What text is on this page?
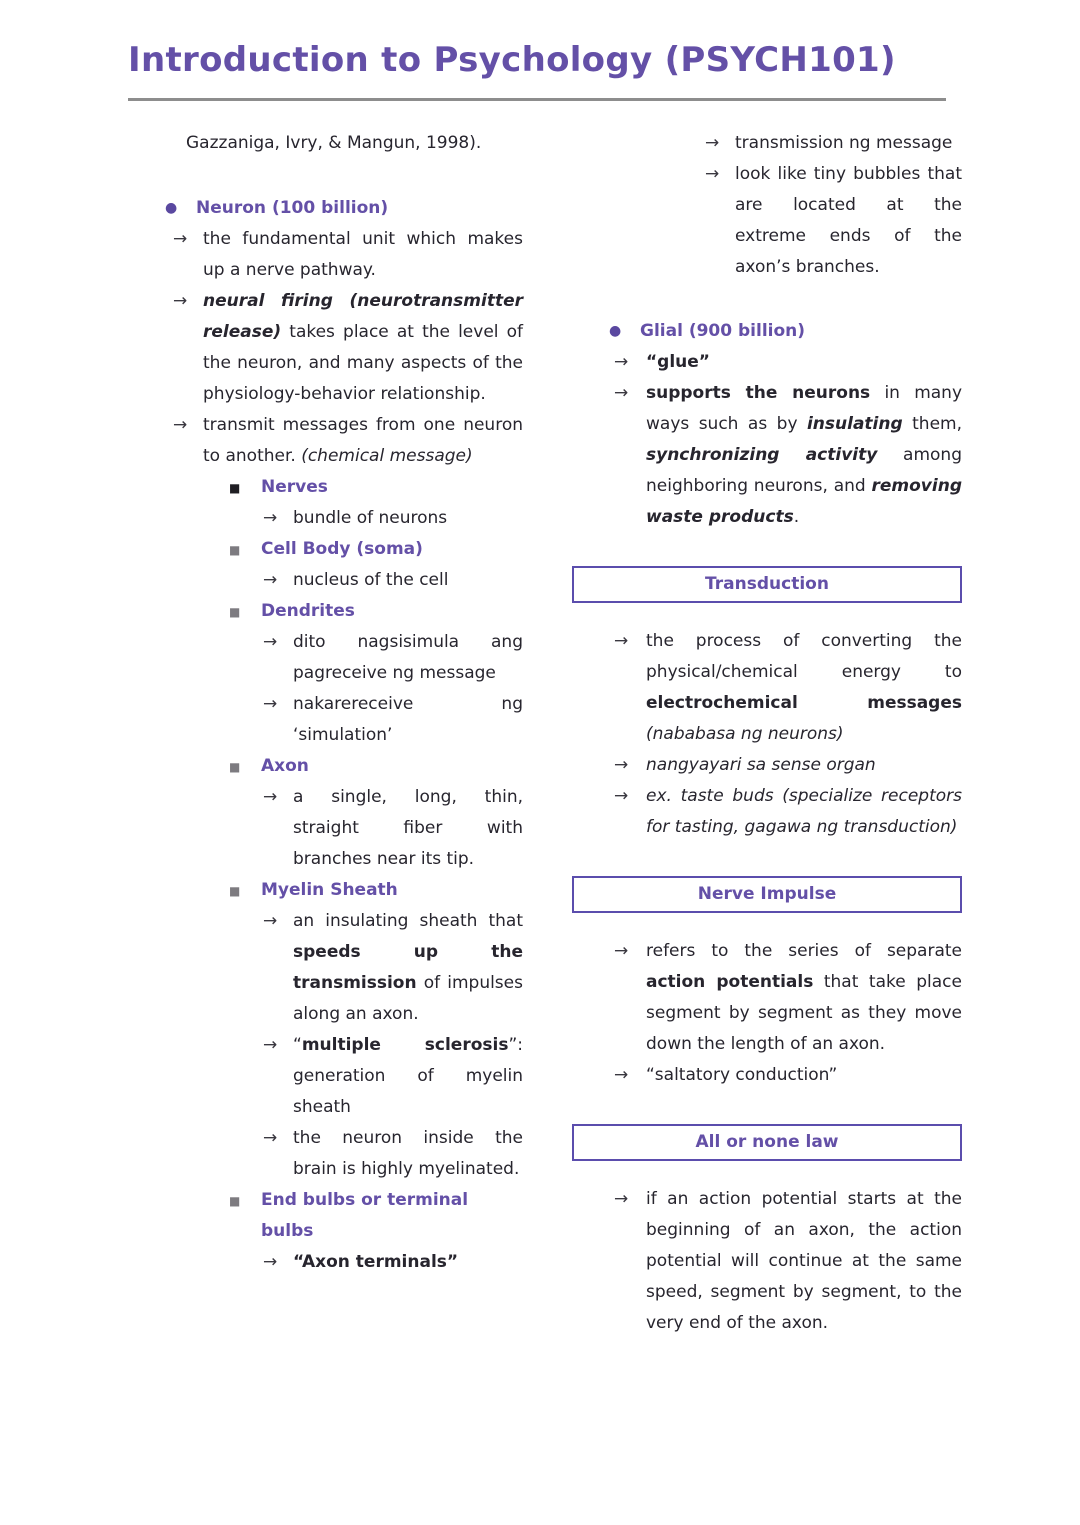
Introduction to Psychology (PSYCH101)
Gazzaniga, Ivry, & Mangun, 1998).
● Neuron (100 billion)
→ the fundamental unit which makes up a nerve pathway.
→ neural firing (neurotransmitter release) takes place at the level of the neuron, and many aspects of the physiology-behavior relationship.
→ transmit messages from one neuron to another. (chemical message)
■ Nerves
→ bundle of neurons
■ Cell Body (soma)
→ nucleus of the cell
■ Dendrites
→ dito nagsisimula ang pagreceive ng message
→ nakarereceive ng ‘simulation’
■ Axon
→ a single, long, thin, straight fiber with branches near its tip.
■ Myelin Sheath
→ an insulating sheath that speeds up the transmission of impulses along an axon.
→ “multiple sclerosis”: generation of myelin sheath
→ the neuron inside the brain is highly myelinated.
■ End bulbs or terminal bulbs
→ “Axon terminals”
→ transmission ng message
→ look like tiny bubbles that are located at the extreme ends of the axon’s branches.
● Glial (900 billion)
→ “glue”
→ supports the neurons in many ways such as by insulating them, synchronizing activity among neighboring neurons, and removing waste products.
Transduction
→ the process of converting the physical/chemical energy to electrochemical messages (nababasa ng neurons)
→ nangyayari sa sense organ
→ ex. taste buds (specialize receptors for tasting, gagawa ng transduction)
Nerve Impulse
→ refers to the series of separate action potentials that take place segment by segment as they move down the length of an axon.
→ “saltatory conduction”
All or none law
→ if an action potential starts at the beginning of an axon, the action potential will continue at the same speed, segment by segment, to the very end of the axon.
